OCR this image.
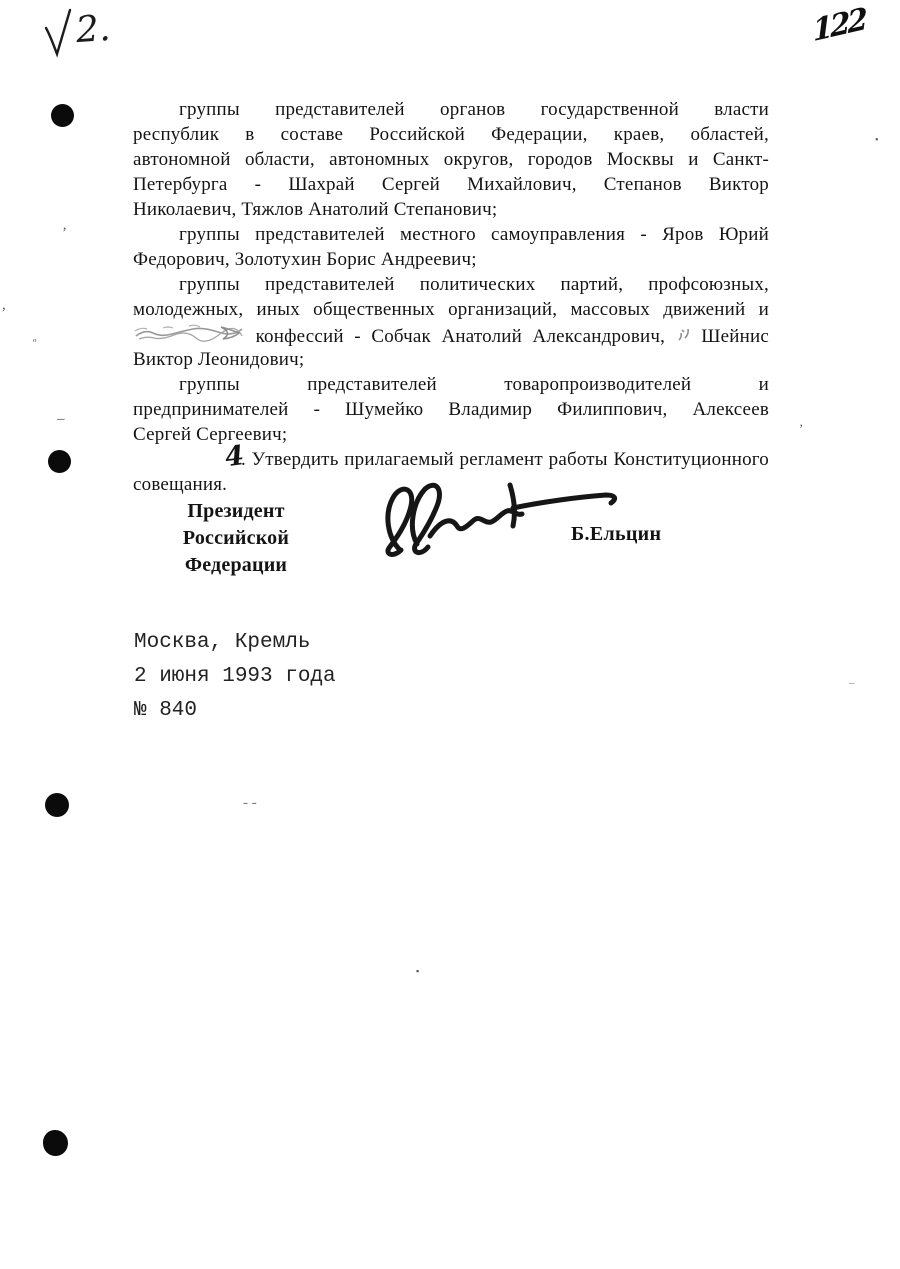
2.	122
’
,
º
–
’
•
- -
–
▪
группы представителей органов государственной власти
республик в составе Российской Федерации, краев, областей,
автономной области, автономных округов, городов Москвы и Санкт-
Петербурга - Шахрай Сергей Михайлович, Степанов Виктор
Николаевич, Тяжлов Анатолий Степанович;
группы представителей местного самоуправления - Яров Юрий
Федорович, Золотухин Борис Андреевич;
группы представителей политических партий, профсоюзных,
молодежных, иных общественных организаций, массовых движений и
конфессий - Собчак Анатолий Александрович, Шейнис
Виктор Леонидович;
группы представителей товаропроизводителей и
предпринимателей - Шумейко Владимир Филиппович, Алексеев
Сергей Сергеевич;
4. Утвердить прилагаемый регламент работы Конституционного
совещания.
Президент
Российской Федерации
Б.Ельцин
Москва, Кремль
2 июня 1993 года
№ 840
